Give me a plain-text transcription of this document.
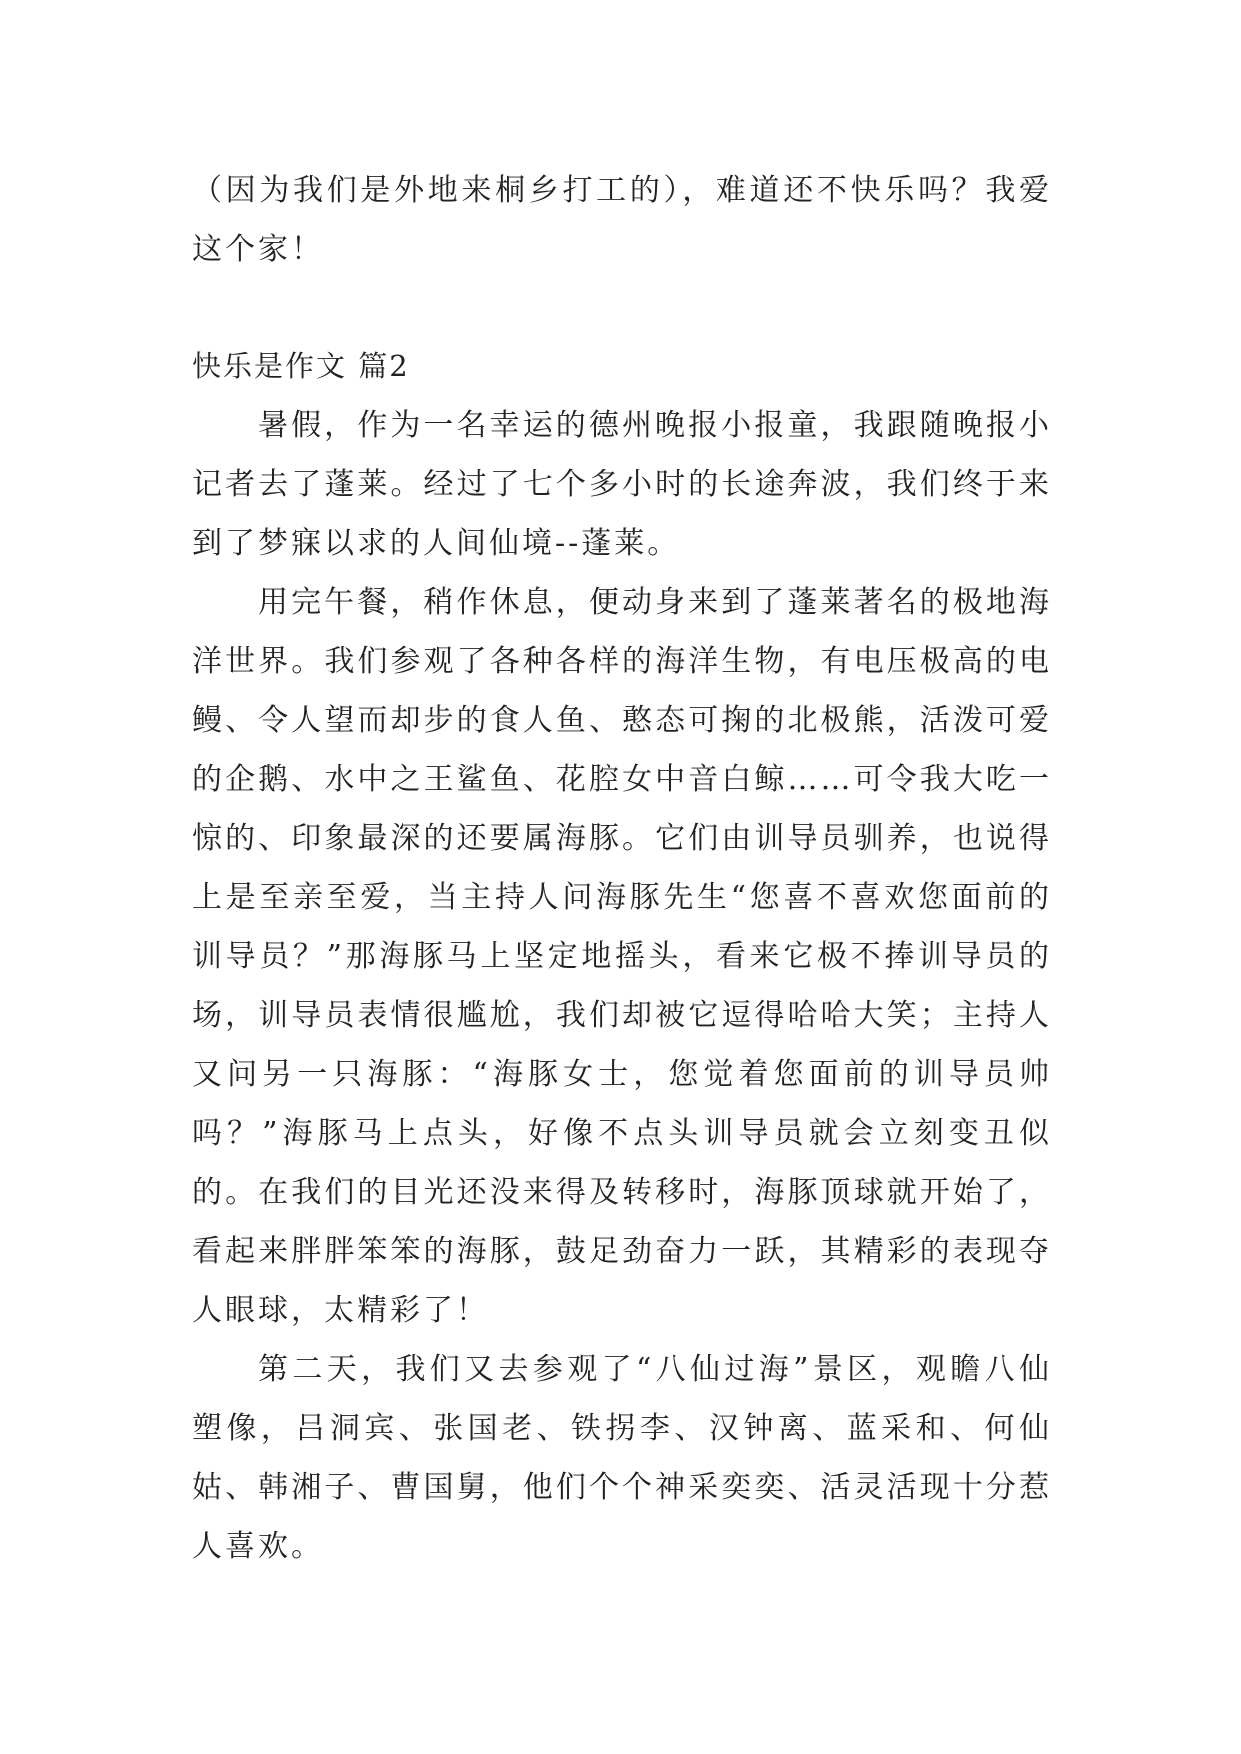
（因为我们是外地来桐乡打工的），难道还不快乐吗？我爱这个家！

快乐是作文 篇2

暑假，作为一名幸运的德州晚报小报童，我跟随晚报小记者去了蓬莱。经过了七个多小时的长途奔波，我们终于来到了梦寐以求的人间仙境--蓬莱。

用完午餐，稍作休息，便动身来到了蓬莱著名的极地海洋世界。我们参观了各种各样的海洋生物，有电压极高的电鳗、令人望而却步的食人鱼、憨态可掬的北极熊，活泼可爱的企鹅、水中之王鲨鱼、花腔女中音白鲸……可令我大吃一惊的、印象最深的还要属海豚。它们由训导员驯养，也说得上是至亲至爱，当主持人问海豚先生“您喜不喜欢您面前的训导员？”那海豚马上坚定地摇头，看来它极不捧训导员的场，训导员表情很尴尬，我们却被它逗得哈哈大笑；主持人又问另一只海豚：“海豚女士，您觉着您面前的训导员帅吗？”海豚马上点头，好像不点头训导员就会立刻变丑似的。在我们的目光还没来得及转移时，海豚顶球就开始了，看起来胖胖笨笨的海豚，鼓足劲奋力一跃，其精彩的表现夺人眼球，太精彩了！

第二天，我们又去参观了“八仙过海”景区，观瞻八仙塑像，吕洞宾、张国老、铁拐李、汉钟离、蓝采和、何仙姑、韩湘子、曹国舅，他们个个神采奕奕、活灵活现十分惹人喜欢。
